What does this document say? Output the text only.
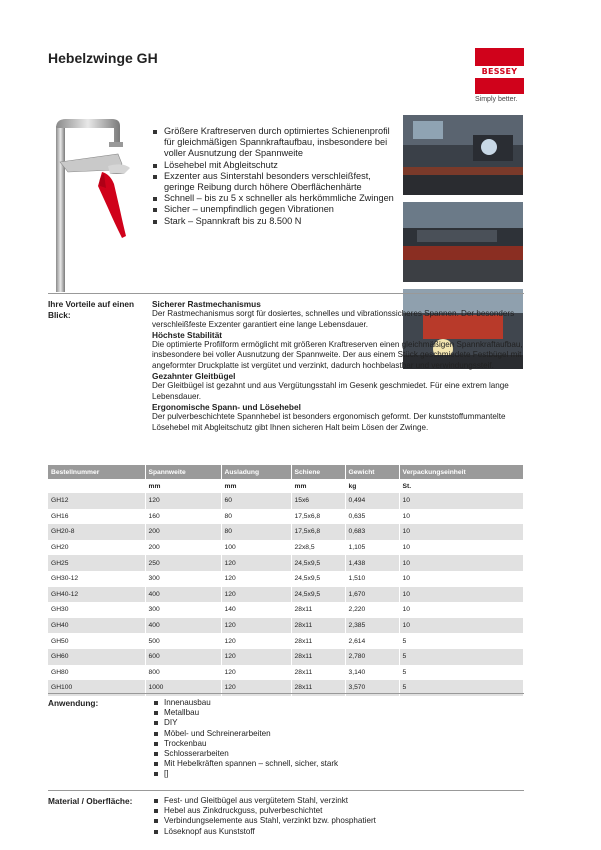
Hebelzwinge GH
BESSEY
Simply better.
Größere Kraftreserven durch optimiertes Schienenprofil für gleichmäßigen Spannkraftaufbau, insbesondere bei voller Ausnutzung der Spannweite
Lösehebel mit Abgleitschutz
Exzenter aus Sinterstahl besonders verschleißfest, geringe Reibung durch höhere Oberflächenhärte
Schnell – bis zu 5 x schneller als herkömmliche Zwingen
Sicher – unempfindlich gegen Vibrationen
Stark – Spannkraft bis zu 8.500 N

Ihre Vorteile auf einen Blick:
Sicherer Rastmechanismus

Der Rastmechanismus sorgt für dosiertes, schnelles und vibrationssicheres Spannen. Der besonders verschleißfeste Exzenter garantiert eine lange Lebensdauer.

Höchste Stabilität

Die optimierte Profilform ermöglicht mit größeren Kraftreserven einen gleichmäßigen Spannkraftaufbau, insbesondere bei voller Ausnutzung der Spannweite. Der aus einem Stück geschmiedete Festbügel mit angeformter Druckplatte ist vergütet und verzinkt, dadurch hochbelastbar und verwindungssteif.

Gezahnter Gleitbügel

Der Gleitbügel ist gezahnt und aus Vergütungsstahl im Gesenk geschmiedet. Für eine extrem lange Lebensdauer.

Ergonomische Spann- und Lösehebel

Der pulverbeschichtete Spannhebel ist besonders ergonomisch geformt. Der kunststoffummantelte Lösehebel mit Abgleitschutz gibt Ihnen sicheren Halt beim Lösen der Zwinge.

Bestellnummer	Spannweite	Ausladung	Schiene	Gewicht	Verpackungseinheit
	mm	mm	mm	kg	St.
GH12	120	60	15x6	0,494	10
GH16	160	80	17,5x6,8	0,635	10
GH20-8	200	80	17,5x6,8	0,683	10
GH20	200	100	22x8,5	1,105	10
GH25	250	120	24,5x9,5	1,438	10
GH30-12	300	120	24,5x9,5	1,510	10
GH40-12	400	120	24,5x9,5	1,670	10
GH30	300	140	28x11	2,220	10
GH40	400	120	28x11	2,385	10
GH50	500	120	28x11	2,614	5
GH60	600	120	28x11	2,780	5
GH80	800	120	28x11	3,140	5
GH100	1000	120	28x11	3,570	5
Anwendung:	Innenausbau
Metallbau
DIY
Möbel- und Schreinerarbeiten
Trockenbau
Schlosserarbeiten
Mit Hebelkräften spannen – schnell, sicher, stark
[]
Material / Oberfläche:	Fest- und Gleitbügel aus vergütetem Stahl, verzinkt
Hebel aus Zinkdruckguss, pulverbeschichtet
Verbindungselemente aus Stahl, verzinkt bzw. phosphatiert
Löseknopf aus Kunststoff
